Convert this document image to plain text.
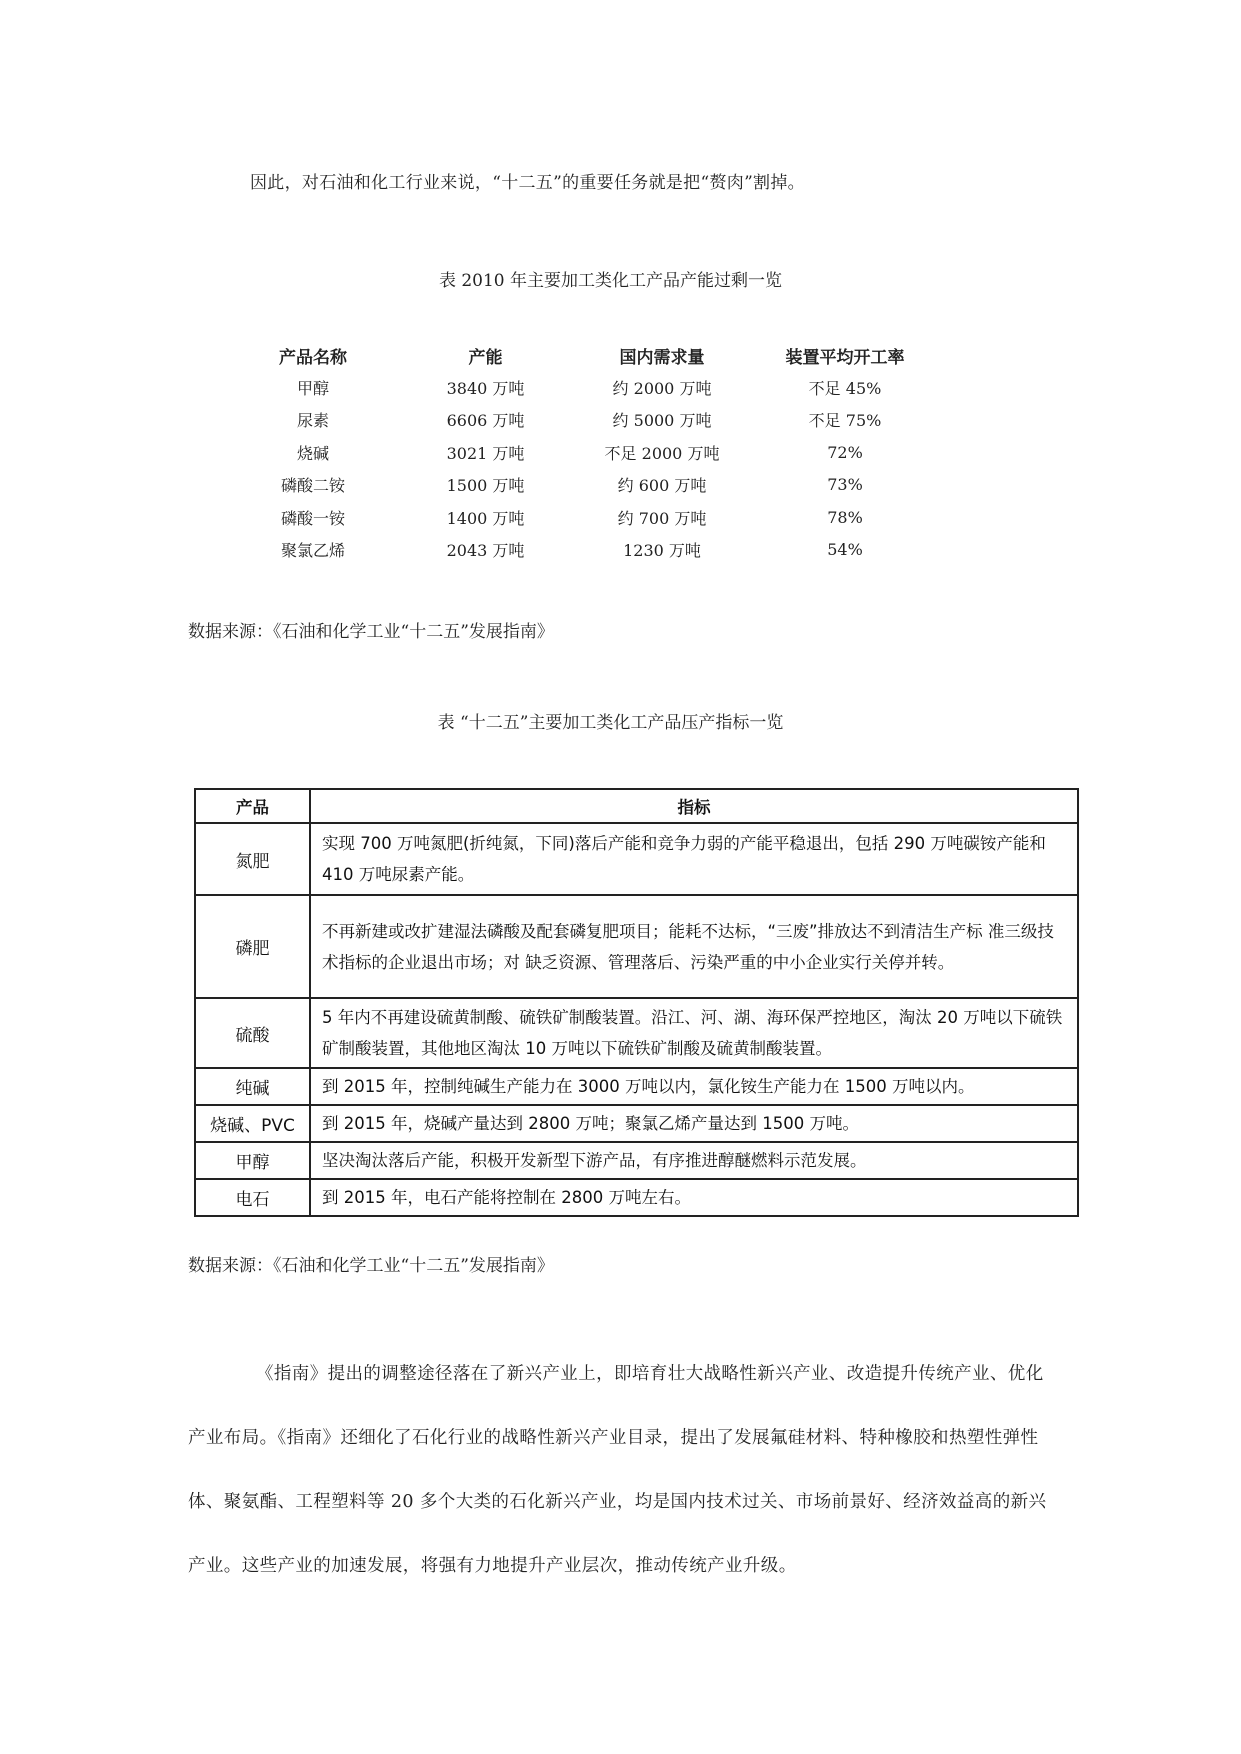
因此，对石油和化工行业来说，“十二五”的重要任务就是把“赘肉”割掉。
表 2010 年主要加工类化工产品产能过剩一览
产品名称	产能	国内需求量	装置平均开工率
甲醇	3840 万吨	约 2000 万吨	不足 45%
尿素	6606 万吨	约 5000 万吨	不足 75%
烧碱	3021 万吨	不足 2000 万吨	72%
磷酸二铵	1500 万吨	约 600 万吨	73%
磷酸一铵	1400 万吨	约 700 万吨	78%
聚氯乙烯	2043 万吨	1230 万吨	54%
数据来源：《石油和化学工业“十二五”发展指南》
表 “十二五”主要加工类化工产品压产指标一览
产品	指标
氮肥	实现 700 万吨氮肥(折纯氮，下同)落后产能和竞争力弱的产能平稳退出，包括 290 万吨碳铵产能和 410 万吨尿素产能。
磷肥	不再新建或改扩建湿法磷酸及配套磷复肥项目；能耗不达标，“三废”排放达不到清洁生产标 准三级技术指标的企业退出市场；对 缺乏资源、管理落后、污染严重的中小企业实行关停并转。
硫酸	5 年内不再建设硫黄制酸、硫铁矿制酸装置。沿江、河、湖、海环保严控地区，淘汰 20 万吨以下硫铁矿制酸装置，其他地区淘汰 10 万吨以下硫铁矿制酸及硫黄制酸装置。
纯碱	到 2015 年，控制纯碱生产能力在 3000 万吨以内，氯化铵生产能力在 1500 万吨以内。
烧碱、PVC	到 2015 年，烧碱产量达到 2800 万吨；聚氯乙烯产量达到 1500 万吨。
甲醇	坚决淘汰落后产能，积极开发新型下游产品，有序推进醇醚燃料示范发展。
电石	到 2015 年，电石产能将控制在 2800 万吨左右。
数据来源：《石油和化学工业“十二五”发展指南》

《指南》提出的调整途径落在了新兴产业上，即培育壮大战略性新兴产业、改造提升传统产业、优化产业布局。《指南》还细化了石化行业的战略性新兴产业目录，提出了发展氟硅材料、特种橡胶和热塑性弹性体、聚氨酯、工程塑料等 20 多个大类的石化新兴产业，均是国内技术过关、市场前景好、经济效益高的新兴产业。这些产业的加速发展，将强有力地提升产业层次，推动传统产业升级。
